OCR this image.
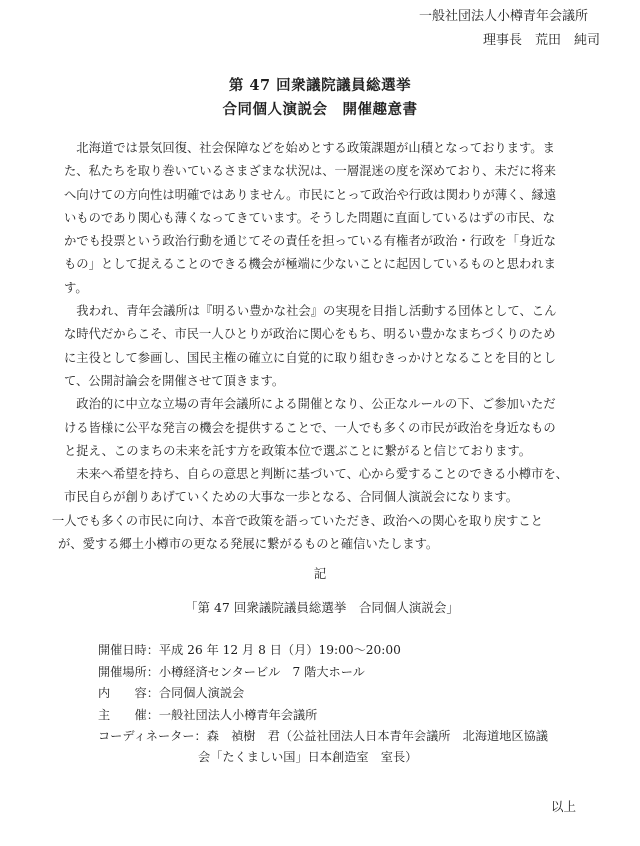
一般社団法人小樽青年会議所
理事長　荒田　純司
第 47 回衆議院議員総選挙
合同個人演説会　開催趣意書
　北海道では景気回復、社会保障などを始めとする政策課題が山積となっております。ま
た、私たちを取り巻いているさまざまな状況は、一層混迷の度を深めており、未だに将来
へ向けての方向性は明確ではありません。市民にとって政治や行政は関わりが薄く、縁遠
いものであり関心も薄くなってきています。そうした問題に直面しているはずの市民、な
かでも投票という政治行動を通じてその責任を担っている有権者が政治・行政を「身近な
もの」として捉えることのできる機会が極端に少ないことに起因しているものと思われま
す。
　我われ、青年会議所は『明るい豊かな社会』の実現を目指し活動する団体として、こん
な時代だからこそ、市民一人ひとりが政治に関心をもち、明るい豊かなまちづくりのため
に主役として参画し、国民主権の確立に自覚的に取り組むきっかけとなることを目的とし
て、公開討論会を開催させて頂きます。
　政治的に中立な立場の青年会議所による開催となり、公正なルールの下、ご参加いただ
ける皆様に公平な発言の機会を提供することで、一人でも多くの市民が政治を身近なもの
と捉え、このまちの未来を託す方を政策本位で選ぶことに繋がると信じております。
　未来へ希望を持ち、自らの意思と判断に基づいて、心から愛することのできる小樽市を、
市民自らが創りあげていくための大事な一歩となる、合同個人演説会になります。
一人でも多くの市民に向け、本音で政策を語っていただき、政治への関心を取り戻すこと
が、愛する郷土小樽市の更なる発展に繋がるものと確信いたします。
記
「第 47 回衆議院議員総選挙　合同個人演説会」
開催日時：平成 26 年 12 月 8 日（月）19:00〜20:00
開催場所：小樽経済センタービル　7 階大ホール
内　　容：合同個人演説会
主　　催：一般社団法人小樽青年会議所
コーディネーター：森　禎樹　君（公益社団法人日本青年会議所　北海道地区協議
会「たくましい国」日本創造室　室長）
以上
